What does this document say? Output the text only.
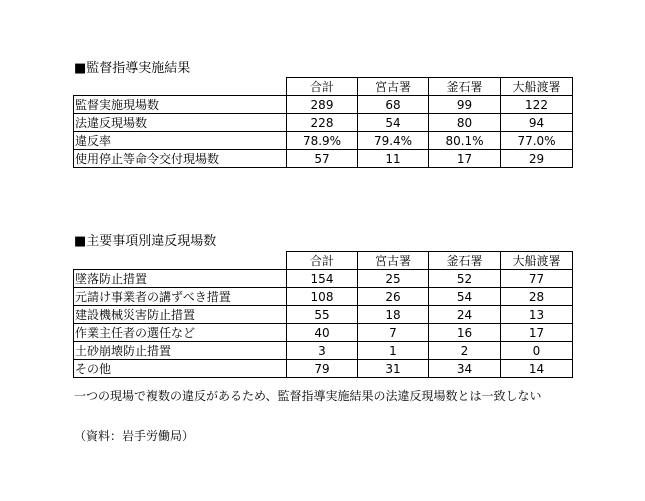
■監督指導実施結果
	合計	宮古署	釜石署	大船渡署
監督実施現場数	289	68	99	122
法違反現場数	228	54	80	94
違反率	78.9%	79.4%	80.1%	77.0%
使用停止等命令交付現場数	57	11	17	29
■主要事項別違反現場数
	合計	宮古署	釜石署	大船渡署
墜落防止措置	154	25	52	77
元請け事業者の講ずべき措置	108	26	54	28
建設機械災害防止措置	55	18	24	13
作業主任者の選任など	40	7	16	17
土砂崩壊防止措置	3	1	2	0
その他	79	31	34	14
一つの現場で複数の違反があるため、監督指導実施結果の法違反現場数とは一致しない
（資料：岩手労働局）
